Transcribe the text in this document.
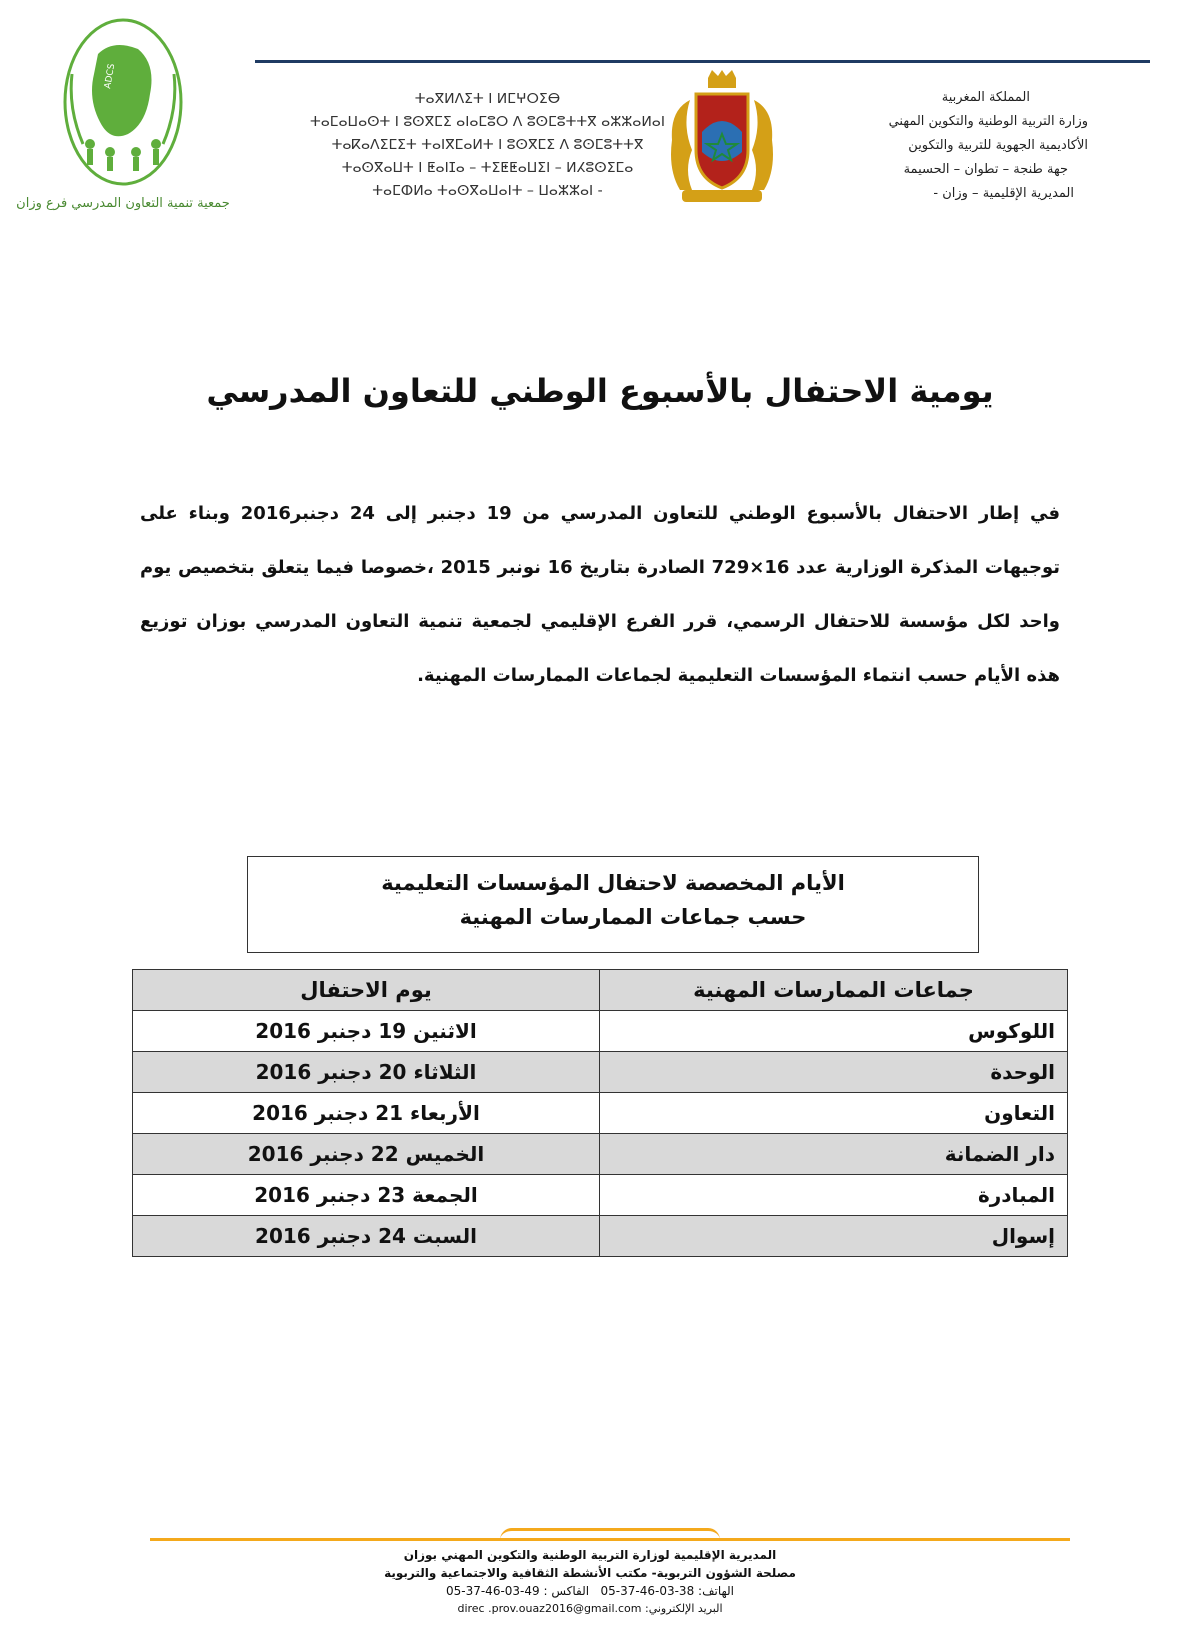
ADCS
جمعية تنمية التعاون المدرسي فرع وزان
ⵜⴰⴳⵍⴷⵉⵜ ⵏ ⵍⵎⵖⵔⵉⴱ
ⵜⴰⵎⴰⵡⴰⵙⵜ ⵏ ⵓⵙⴳⵎⵉ ⴰⵏⴰⵎⵓⵔ ⴷ ⵓⵙⵎⵓⵜⵜⴳ ⴰⵣⵣⴰⵍⴰⵏ
ⵜⴰⴽⴰⴷⵉⵎⵉⵜ ⵜⴰⵏⴳⵎⴰⵍⵜ ⵏ ⵓⵙⴳⵎⵉ ⴷ ⵓⵙⵎⵓⵜⵜⴳ
ⵜⴰⵙⴳⴰⵡⵜ ⵏ ⵟⴰⵏⵊⴰ – ⵜⵉⵟⵟⴰⵡⵉⵏ – ⵍⵃⵓⵙⵉⵎⴰ
ⵜⴰⵎⵀⵍⴰ ⵜⴰⵙⴳⴰⵡⴰⵏⵜ – ⵡⴰⵣⵣⴰⵏ -
المملكة المغربية
وزارة التربية الوطنية والتكوين المهني
الأكاديمية الجهوية للتربية والتكوين
جهة طنجة – تطوان – الحسيمة
المديرية الإقليمية – وزان -
يومية الاحتفال بالأسبوع الوطني للتعاون المدرسي
في إطار الاحتفال بالأسبوع الوطني للتعاون المدرسي من 19 دجنبر إلى 24 دجنبر2016 وبناء على توجيهات المذكرة الوزارية عدد 16×729 الصادرة بتاريخ 16 نونبر 2015 ،خصوصا فيما يتعلق بتخصيص يوم واحد لكل مؤسسة للاحتفال الرسمي، قرر الفرع الإقليمي لجمعية تنمية التعاون المدرسي بوزان توزيع هذه الأيام حسب انتماء المؤسسات التعليمية لجماعات الممارسات المهنية.
الأيام المخصصة لاحتفال المؤسسات التعليمية
حسب جماعات الممارسات المهنية
جماعات الممارسات المهنية	يوم الاحتفال
اللوكوس	الاثنين 19 دجنبر 2016
الوحدة	الثلاثاء 20 دجنبر 2016
التعاون	الأربعاء 21 دجنبر 2016
دار الضمانة	الخميس 22 دجنبر 2016
المبادرة	الجمعة 23 دجنبر 2016
إسوال	السبت 24 دجنبر 2016
المديرية الإقليمية لوزارة التربية الوطنية والتكوين المهني بوزان
مصلحة الشؤون التربوية- مكتب الأنشطة الثقافية والاجتماعية والتربوية
الهاتف: 05-37-46-03-38   الفاكس : 05-37-46-03-49
البريد الإلكتروني: direc .prov.ouaz2016@gmail.com
